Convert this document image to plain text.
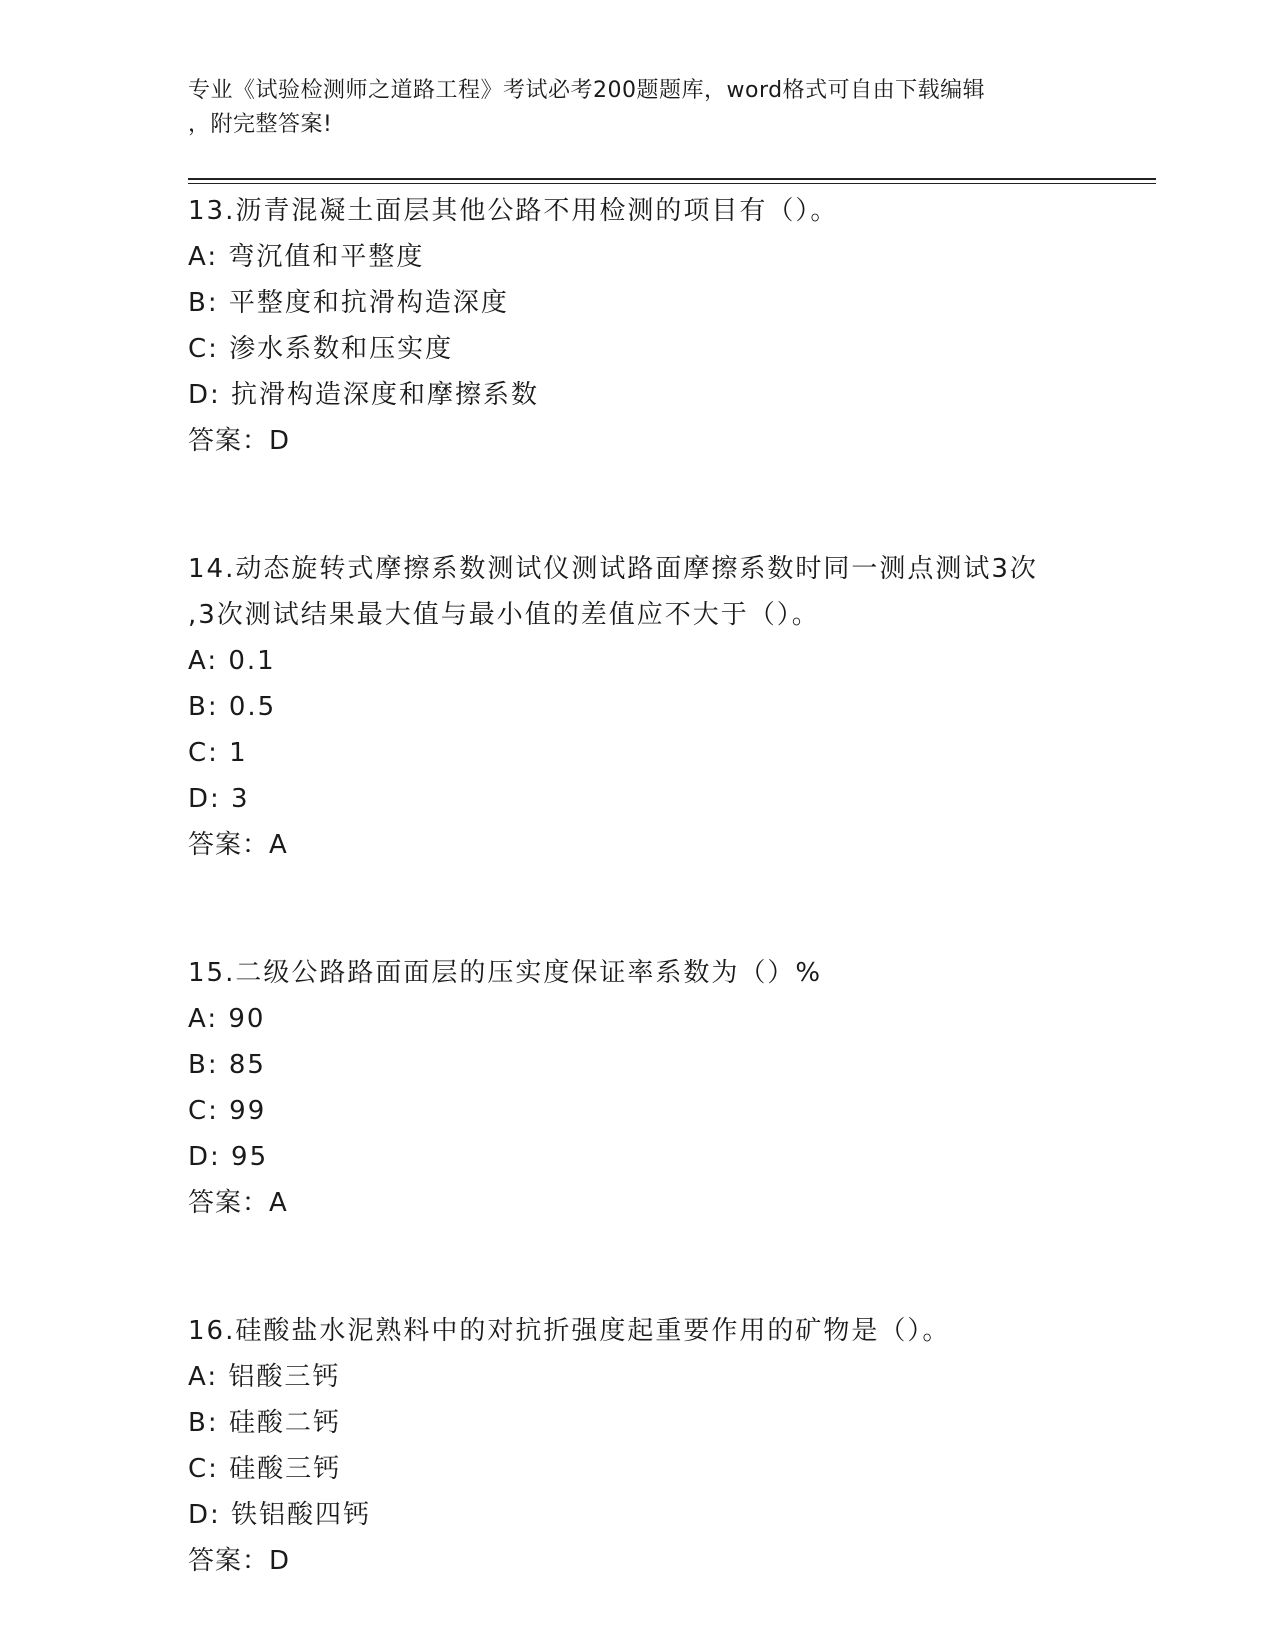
专业《试验检测师之道路工程》考试必考200题题库，word格式可自由下载编辑
，附完整答案!
13.沥青混凝土面层其他公路不用检测的项目有（）。
A: 弯沉值和平整度
B: 平整度和抗滑构造深度
C: 渗水系数和压实度
D: 抗滑构造深度和摩擦系数
答案：D
14.动态旋转式摩擦系数测试仪测试路面摩擦系数时同一测点测试3次
,3次测试结果最大值与最小值的差值应不大于（）。
A: 0.1
B: 0.5
C: 1
D: 3
答案：A
15.二级公路路面面层的压实度保证率系数为（）%
A: 90
B: 85
C: 99
D: 95
答案：A
16.硅酸盐水泥熟料中的对抗折强度起重要作用的矿物是（）。
A: 铝酸三钙
B: 硅酸二钙
C: 硅酸三钙
D: 铁铝酸四钙
答案：D
